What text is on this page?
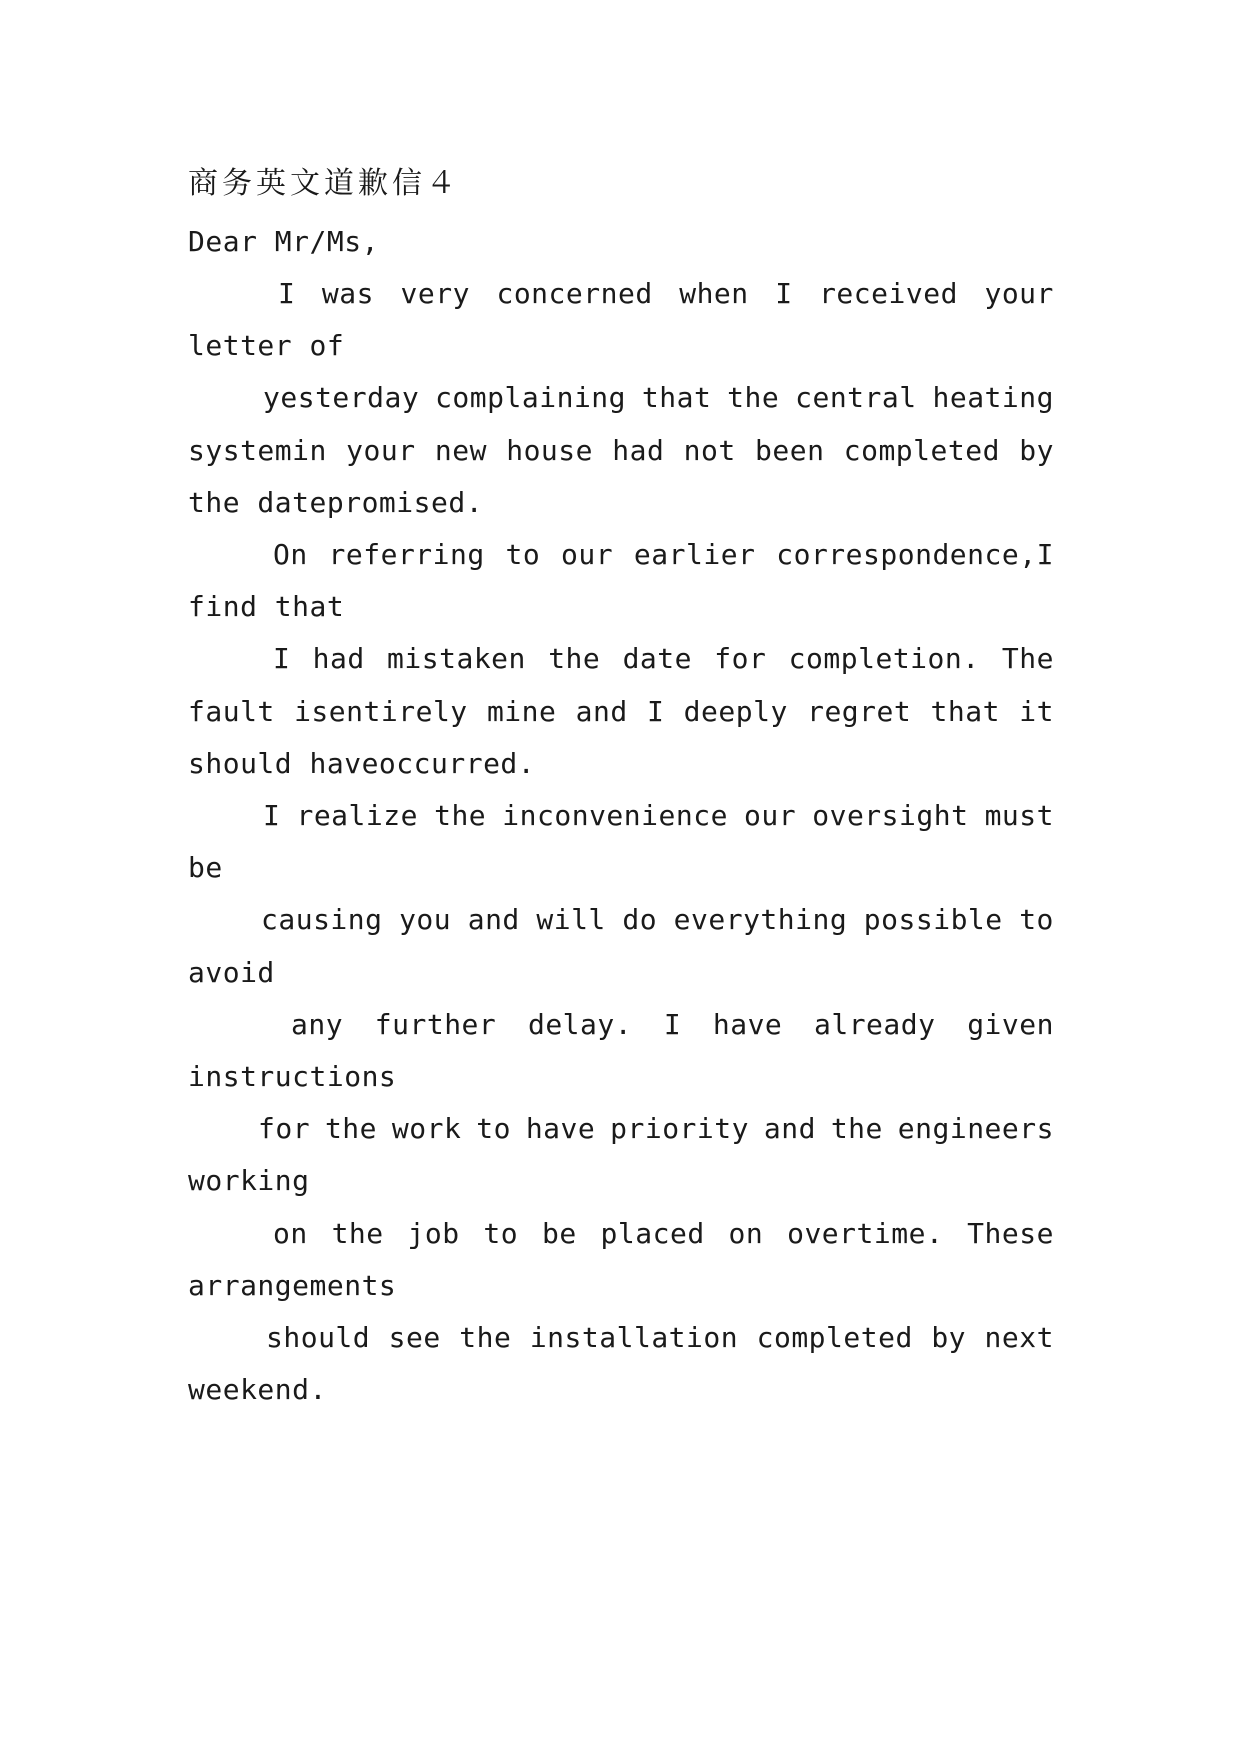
商务英文道歉信４
Dear Mr/Ms,
I was very concerned when I received your
letter of
yesterday complaining that the central heating
systemin your new house had not been completed by
the datepromised.
On referring to our earlier correspondence,I
find that
I had mistaken the date for completion. The
fault isentirely mine and I deeply regret that it
should haveoccurred.
I realize the inconvenience our oversight must
be
causing you and will do everything possible to
avoid
any further delay. I have already given
instructions
for the work to have priority and the engineers
working
on the job to be placed on overtime. These
arrangements
should see the installation completed by next
weekend.
